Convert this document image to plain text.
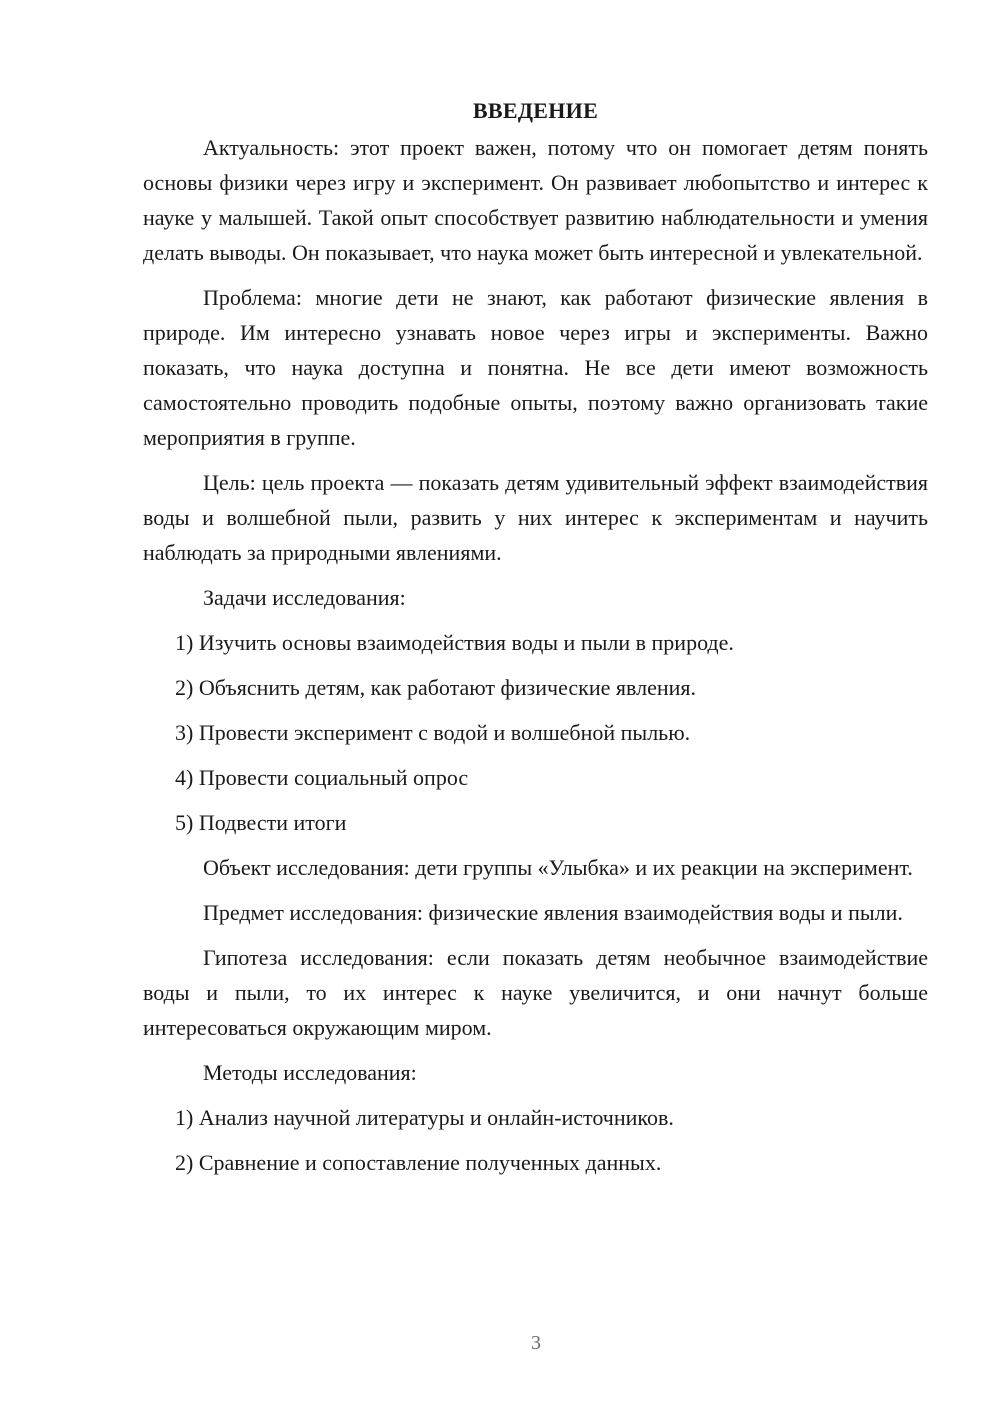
ВВЕДЕНИЕ

Актуальность: этот проект важен, потому что он помогает детям понять основы физики через игру и эксперимент. Он развивает любопытство и интерес к науке у малышей. Такой опыт способствует развитию наблюдательности и умения делать выводы. Он показывает, что наука может быть интересной и увлекательной.

Проблема: многие дети не знают, как работают физические явления в природе. Им интересно узнавать новое через игры и эксперименты. Важно показать, что наука доступна и понятна. Не все дети имеют возможность самостоятельно проводить подобные опыты, поэтому важно организовать такие мероприятия в группе.

Цель: цель проекта — показать детям удивительный эффект взаимодействия воды и волшебной пыли, развить у них интерес к экспериментам и научить наблюдать за природными явлениями.

Задачи исследования:
1) Изучить основы взаимодействия воды и пыли в природе.
2) Объяснить детям, как работают физические явления.
3) Провести эксперимент с водой и волшебной пылью.
4) Провести социальный опрос
5) Подвести итоги

Объект исследования: дети группы «Улыбка» и их реакции на эксперимент.

Предмет исследования: физические явления взаимодействия воды и пыли.

Гипотеза исследования: если показать детям необычное взаимодействие воды и пыли, то их интерес к науке увеличится, и они начнут больше интересоваться окружающим миром.

Методы исследования:
1) Анализ научной литературы и онлайн-источников.
2) Сравнение и сопоставление полученных данных.
3
